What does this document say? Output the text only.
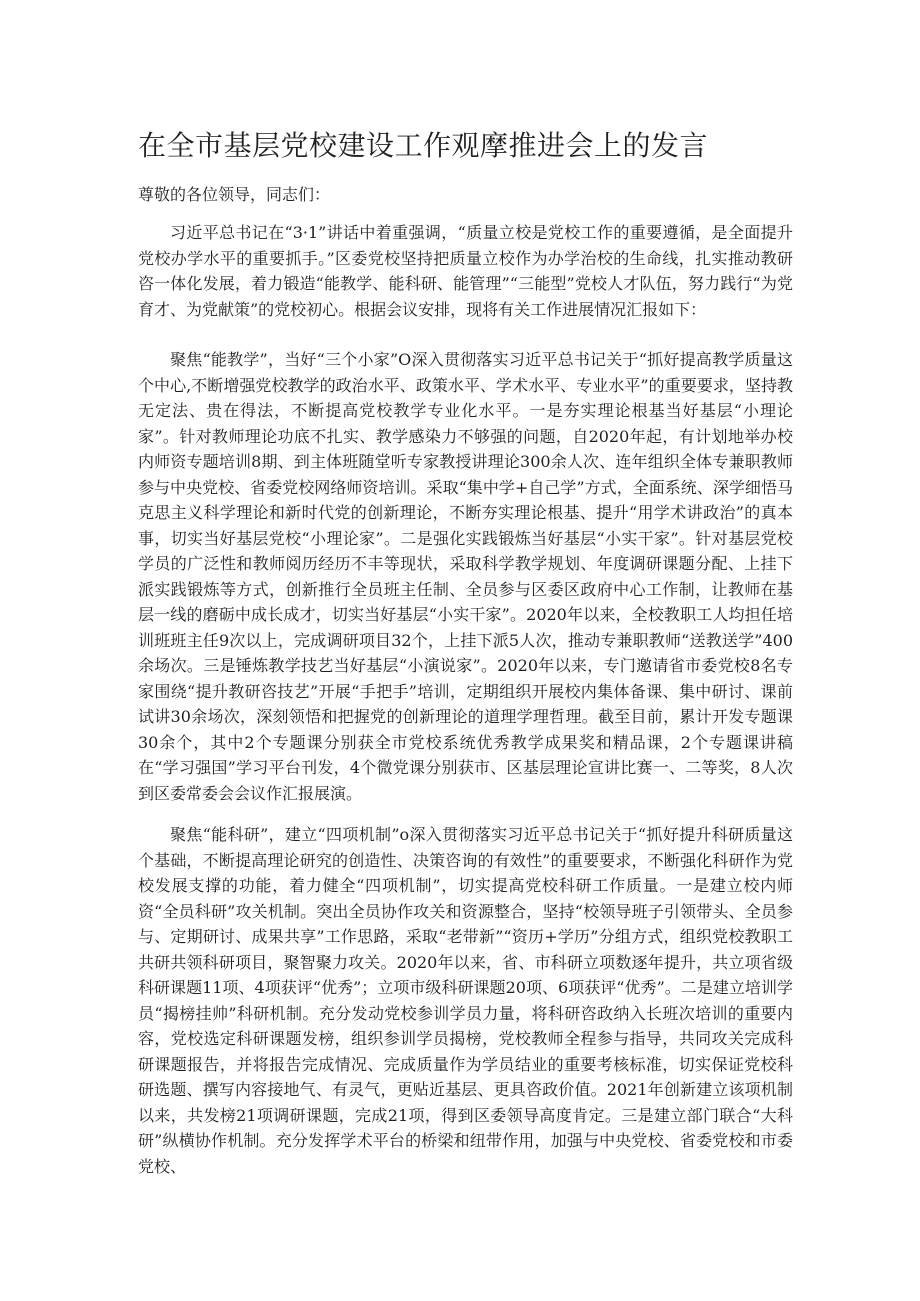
在全市基层党校建设工作观摩推进会上的发言

尊敬的各位领导，同志们：

习近平总书记在“3·1”讲话中着重强调，“质量立校是党校工作的重要遵循，是全面提升党校办学水平的重要抓手。”区委党校坚持把质量立校作为办学治校的生命线，扎实推动教研咨一体化发展，着力锻造“能教学、能科研、能管理”“三能型”党校人才队伍，努力践行“为党育才、为党献策”的党校初心。根据会议安排，现将有关工作进展情况汇报如下：

聚焦“能教学”，当好“三个小家”O深入贯彻落实习近平总书记关于“抓好提高教学质量这个中心,不断增强党校教学的政治水平、政策水平、学术水平、专业水平”的重要要求，坚持教无定法、贵在得法，不断提高党校教学专业化水平。一是夯实理论根基当好基层“小理论家”。针对教师理论功底不扎实、教学感染力不够强的问题，自2020年起，有计划地举办校内师资专题培训8期、到主体班随堂听专家教授讲理论300余人次、连年组织全体专兼职教师参与中央党校、省委党校网络师资培训。采取“集中学+自己学”方式，全面系统、深学细悟马克思主义科学理论和新时代党的创新理论，不断夯实理论根基、提升“用学术讲政治”的真本事，切实当好基层党校“小理论家”。二是强化实践锻炼当好基层“小实干家”。针对基层党校学员的广泛性和教师阅历经历不丰等现状，采取科学教学规划、年度调研课题分配、上挂下派实践锻炼等方式，创新推行全员班主任制、全员参与区委区政府中心工作制，让教师在基层一线的磨砺中成长成才，切实当好基层“小实干家”。2020年以来，全校教职工人均担任培训班班主任9次以上，完成调研项目32个，上挂下派5人次，推动专兼职教师“送教送学”400余场次。三是锤炼教学技艺当好基层“小演说家”。2020年以来，专门邀请省市委党校8名专家围绕“提升教研咨技艺”开展“手把手”培训，定期组织开展校内集体备课、集中研讨、课前试讲30余场次，深刻领悟和把握党的创新理论的道理学理哲理。截至目前，累计开发专题课30余个，其中2个专题课分别获全市党校系统优秀教学成果奖和精品课，2个专题课讲稿在“学习强国”学习平台刊发，4个微党课分别获市、区基层理论宣讲比赛一、二等奖，8人次到区委常委会会议作汇报展演。

聚焦“能科研”，建立“四项机制”o深入贯彻落实习近平总书记关于“抓好提升科研质量这个基础，不断提高理论研究的创造性、决策咨询的有效性”的重要要求，不断强化科研作为党校发展支撑的功能，着力健全“四项机制”，切实提高党校科研工作质量。一是建立校内师资“全员科研”攻关机制。突出全员协作攻关和资源整合，坚持“校领导班子引领带头、全员参与、定期研讨、成果共享”工作思路，采取“老带新”“资历+学历”分组方式，组织党校教职工共研共领科研项目，聚智聚力攻关。2020年以来，省、市科研立项数逐年提升，共立项省级科研课题11项、4项获评“优秀”；立项市级科研课题20项、6项获评“优秀”。二是建立培训学员“揭榜挂帅”科研机制。充分发动党校参训学员力量，将科研咨政纳入长班次培训的重要内容，党校选定科研课题发榜，组织参训学员揭榜，党校教师全程参与指导，共同攻关完成科研课题报告，并将报告完成情况、完成质量作为学员结业的重要考核标准，切实保证党校科研选题、撰写内容接地气、有灵气，更贴近基层、更具咨政价值。2021年创新建立该项机制以来，共发榜21项调研课题，完成21项，得到区委领导高度肯定。三是建立部门联合“大科研”纵横协作机制。充分发挥学术平台的桥梁和纽带作用，加强与中央党校、省委党校和市委党校、
